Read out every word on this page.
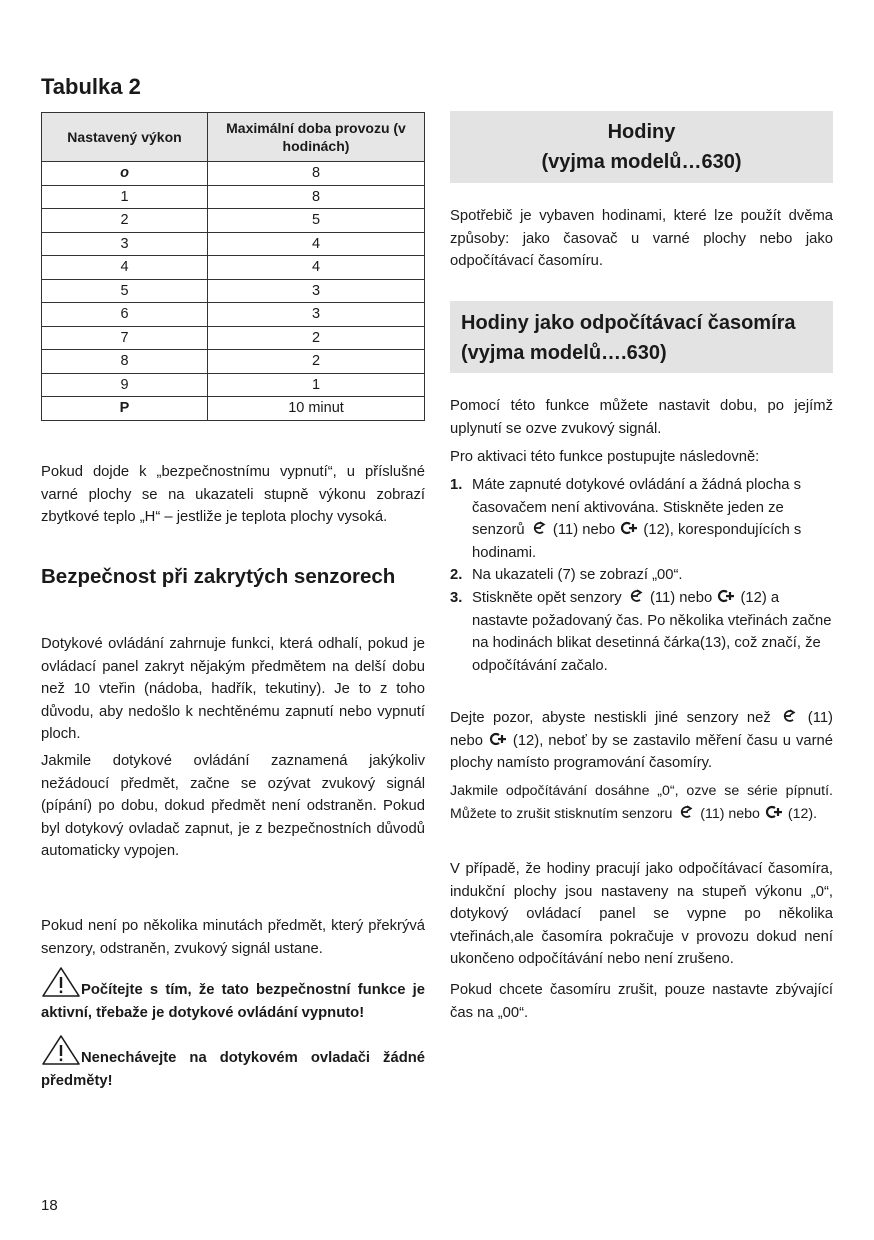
Tabulka 2
Nastavený výkon	Maximální doba provozu (v hodinách)
o	8
1	8
2	5
3	4
4	4
5	3
6	3
7	2
8	2
9	1
P	10 minut
Pokud dojde k „bezpečnostnímu vypnutí“, u příslušné varné plochy se na ukazateli stupně výkonu zobrazí zbytkové teplo „H“ – jestliže je teplota plochy vysoká.
Bezpečnost při zakrytých senzorech
Dotykové ovládání zahrnuje funkci, která odhalí, pokud je ovládací panel zakryt nějakým předmětem na delší dobu než 10 vteřin (nádoba, hadřík, tekutiny). Je to z toho důvodu, aby nedošlo k nechtěnému zapnutí nebo vypnutí ploch.
Jakmile dotykové ovládání zaznamená jakýkoliv nežádoucí předmět, začne se ozývat zvukový signál (pípání) po dobu, dokud předmět není odstraněn. Pokud byl dotykový ovladač zapnut, je z bezpečnostních důvodů automaticky vypojen.
Pokud není po několika minutách předmět, který překrývá senzory, odstraněn, zvukový signál ustane.
Počítejte s tím, že tato bezpečnostní funkce je aktivní, třebaže je dotykové ovládání vypnuto!
Nenechávejte na dotykovém ovladači žádné předměty!
18
Hodiny
(vyjma modelů…630)
Spotřebič je vybaven hodinami, které lze použít dvěma způsoby: jako časovač u varné plochy nebo jako odpočítávací časomíru.
Hodiny jako odpočítávací časomíra
(vyjma modelů….630)
Pomocí této funkce můžete nastavit dobu, po jejímž uplynutí se ozve zvukový signál.
Pro aktivaci této funkce postupujte následovně:
1. Máte zapnuté dotykové ovládání a žádná plocha s časovačem není aktivována. Stiskněte jeden ze senzorů (11) nebo (12), korespondujících s hodinami.
2. Na ukazateli (7) se zobrazí „00“.
3. Stiskněte opět senzory (11) nebo (12) a nastavte požadovaný čas. Po několika vteřinách začne na hodinách blikat desetinná čárka(13), což značí, že odpočítávání začalo.
Dejte pozor, abyste nestiskli jiné senzory než	(11) nebo (12), neboť by se zastavilo měření času u varné plochy namísto programování časomíry.
Jakmile odpočítávání dosáhne „0“, ozve se série pípnutí. Můžete to zrušit stisknutím senzoru (11) nebo (12).
V případě, že hodiny pracují jako odpočítávací časomíra, indukční plochy jsou nastaveny na stupeň výkonu „0“, dotykový ovládací panel se vypne po několika vteřinách,ale časomíra pokračuje v provozu dokud není ukončeno odpočítávání nebo není zrušeno.
Pokud chcete časomíru zrušit, pouze nastavte zbývající čas na „00“.
